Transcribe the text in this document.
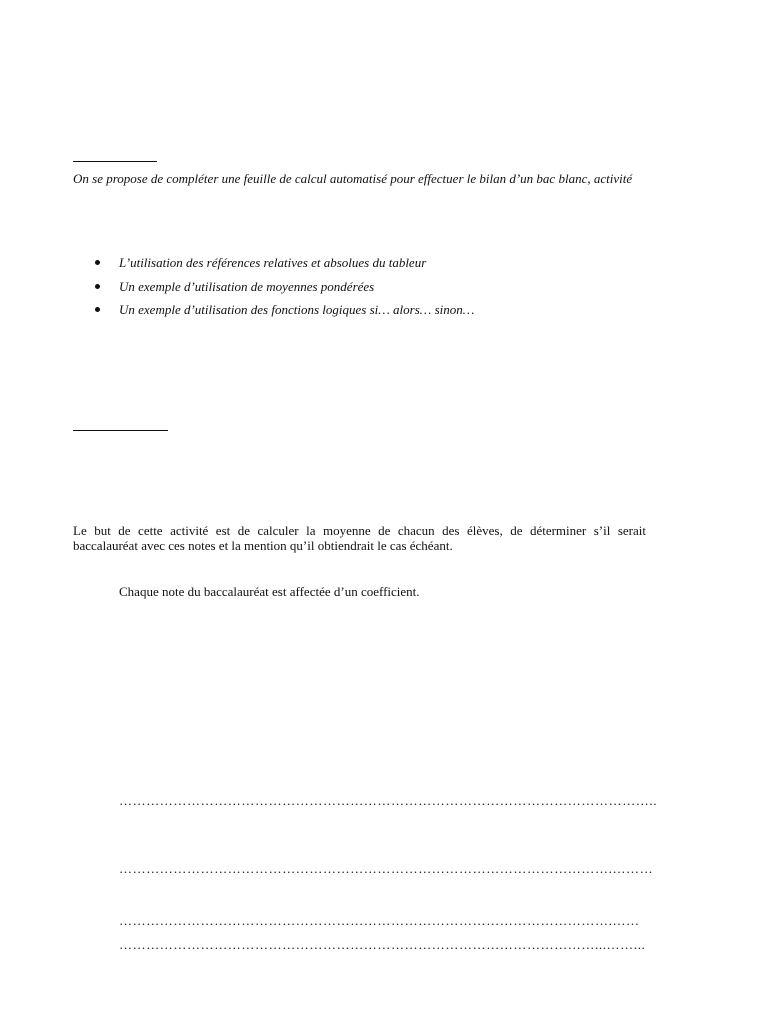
On se propose de compléter une feuille de calcul automatisé pour effectuer le bilan d’un bac blanc, activité
L’utilisation des références relatives et absolues du tableur
Un exemple d’utilisation de moyennes pondérées
Un exemple d’utilisation des fonctions logiques si… alors… sinon…
Le but de cette activité est de calculer la moyenne de chacun des élèves, de déterminer s’il serait
baccalauréat avec ces notes et la mention qu’il obtiendrait le cas échéant.
Chaque note du baccalauréat est affectée d’un coefficient.
………………………………………………………………………………………………………..
……………………………………………………………………………………………….………
……………………………………………………………………………………………….……
……………………………………………………………………………………………...……...
